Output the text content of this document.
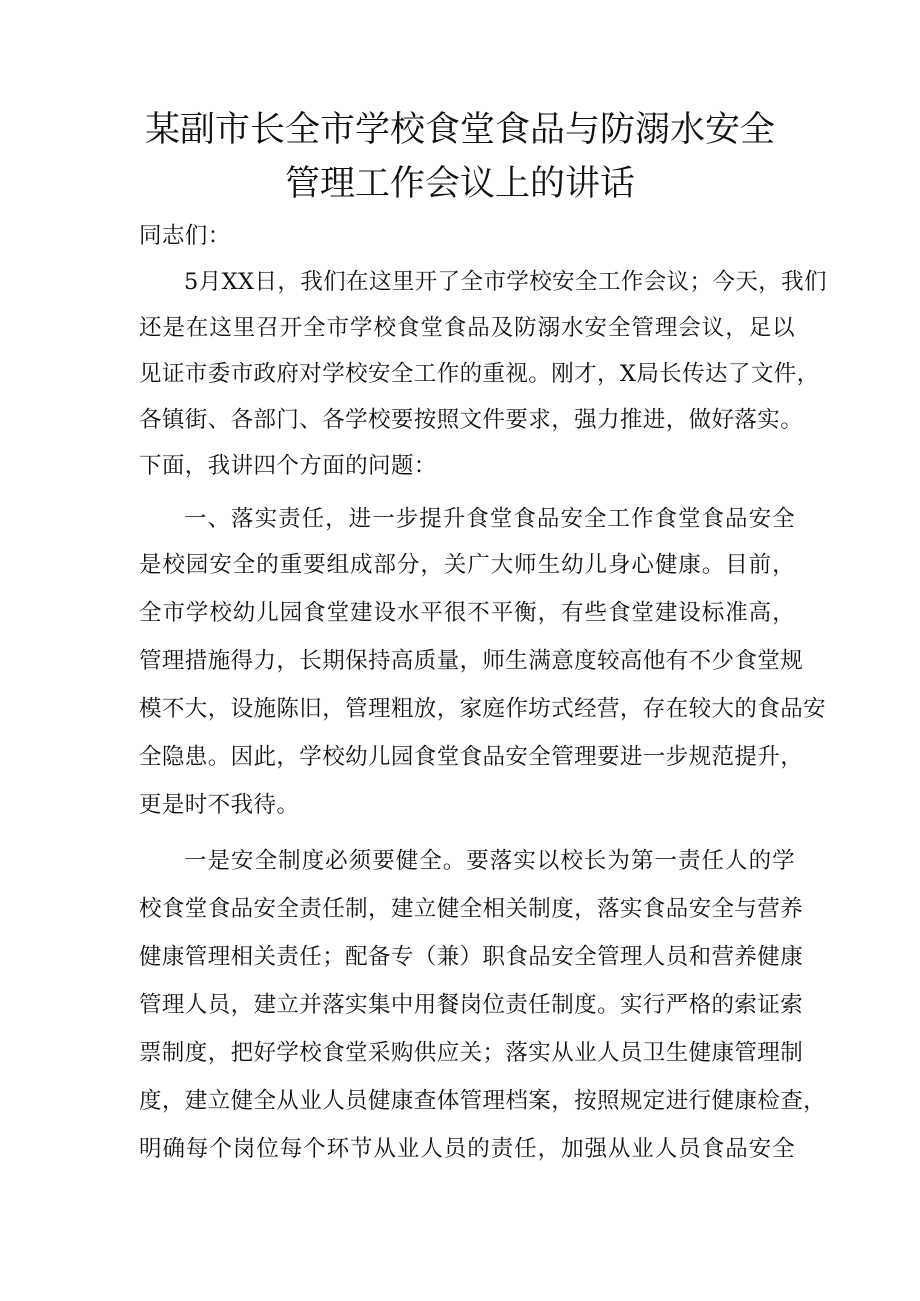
某副市长全市学校食堂食品与防溺水安全
管理工作会议上的讲话
同志们：
5月XX日，我们在这里开了全市学校安全工作会议；今天，我们
还是在这里召开全市学校食堂食品及防溺水安全管理会议，足以
见证市委市政府对学校安全工作的重视。刚才，X局长传达了文件，
各镇街、各部门、各学校要按照文件要求，强力推进，做好落实。
下面，我讲四个方面的问题：
一、落实责任，进一步提升食堂食品安全工作食堂食品安全
是校园安全的重要组成部分，关广大师生幼儿身心健康。目前，
全市学校幼儿园食堂建设水平很不平衡，有些食堂建设标准高，
管理措施得力，长期保持高质量，师生满意度较高他有不少食堂规
模不大，设施陈旧，管理粗放，家庭作坊式经营，存在较大的食品安
全隐患。因此，学校幼儿园食堂食品安全管理要进一步规范提升，
更是时不我待。
一是安全制度必须要健全。要落实以校长为第一责任人的学
校食堂食品安全责任制，建立健全相关制度，落实食品安全与营养
健康管理相关责任；配备专（兼）职食品安全管理人员和营养健康
管理人员，建立并落实集中用餐岗位责任制度。实行严格的索证索
票制度，把好学校食堂采购供应关；落实从业人员卫生健康管理制
度，建立健全从业人员健康查体管理档案，按照规定进行健康检查，
明确每个岗位每个环节从业人员的责任，加强从业人员食品安全
